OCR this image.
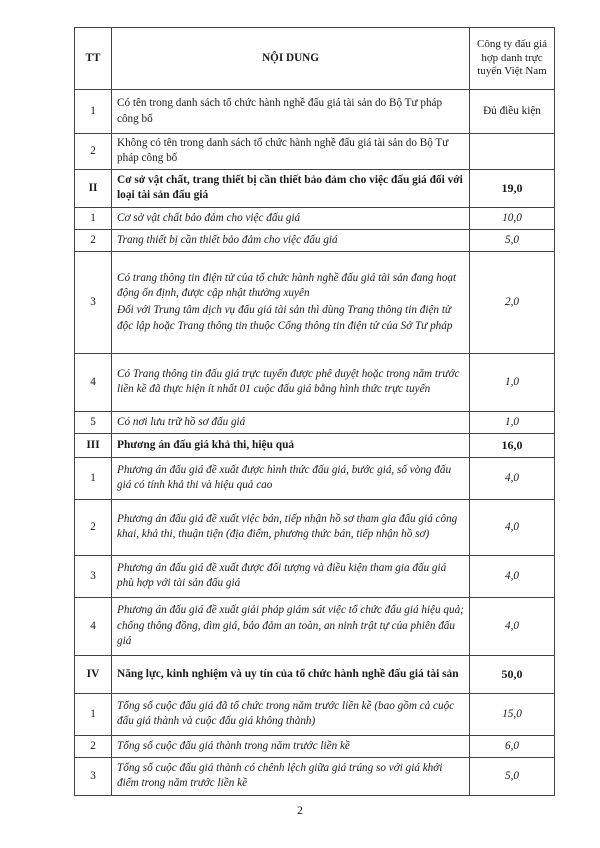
TT	NỘI DUNG	Công ty đấu giá hợp danh trực tuyến Việt Nam
1	Có tên trong danh sách tổ chức hành nghề đấu giá tài sản do Bộ Tư pháp công bố	Đủ điều kiện
2	Không có tên trong danh sách tổ chức hành nghề đấu giá tài sản do Bộ Tư pháp công bố	

II	Cơ sở vật chất, trang thiết bị cần thiết bảo đảm cho việc đấu giá đối với loại tài sản đấu giá	19,0
1	Cơ sở vật chất bảo đảm cho việc đấu giá	10,0
2	Trang thiết bị cần thiết bảo đảm cho việc đấu giá	5,0
3	Có trang thông tin điện tử của tổ chức hành nghề đấu giá tài sản đang hoạt động ổn định, được cập nhật thường xuyên
Đối với Trung tâm dịch vụ đấu giá tài sản thì dùng Trang thông tin điện tử độc lập hoặc Trang thông tin thuộc Cổng thông tin điện tử của Sở Tư pháp	2,0
4	Có Trang thông tin đấu giá trực tuyến được phê duyệt hoặc trong năm trước liền kề đã thực hiện ít nhất 01 cuộc đấu giá bằng hình thức trực tuyến	1,0
5	Có nơi lưu trữ hồ sơ đấu giá	1,0
III	Phương án đấu giá khả thi, hiệu quả	16,0
1	Phương án đấu giá đề xuất được hình thức đấu giá, bước giá, số vòng đấu giá có tính khả thi và hiệu quả cao	4,0
2	Phương án đấu giá đề xuất việc bán, tiếp nhận hồ sơ tham gia đấu giá công khai, khả thi, thuận tiện (địa điểm, phương thức bán, tiếp nhận hồ sơ)	4,0
3	Phương án đấu giá đề xuất được đối tượng và điều kiện tham gia đấu giá phù hợp với tài sản đấu giá	4,0
4	Phương án đấu giá đề xuất giải pháp giám sát việc tổ chức đấu giá hiệu quả; chống thông đồng, dìm giá, bảo đảm an toàn, an ninh trật tự của phiên đấu giá	4,0
IV	Năng lực, kinh nghiệm và uy tín của tổ chức hành nghề đấu giá tài sản	50,0
1	Tổng số cuộc đấu giá đã tổ chức trong năm trước liền kề (bao gồm cả cuộc đấu giá thành và cuộc đấu giá không thành)	15,0
2	Tổng số cuộc đấu giá thành trong năm trước liền kề	6,0
3	Tổng số cuộc đấu giá thành có chênh lệch giữa giá trúng so với giá khởi điểm trong năm trước liền kề	5,0
2
